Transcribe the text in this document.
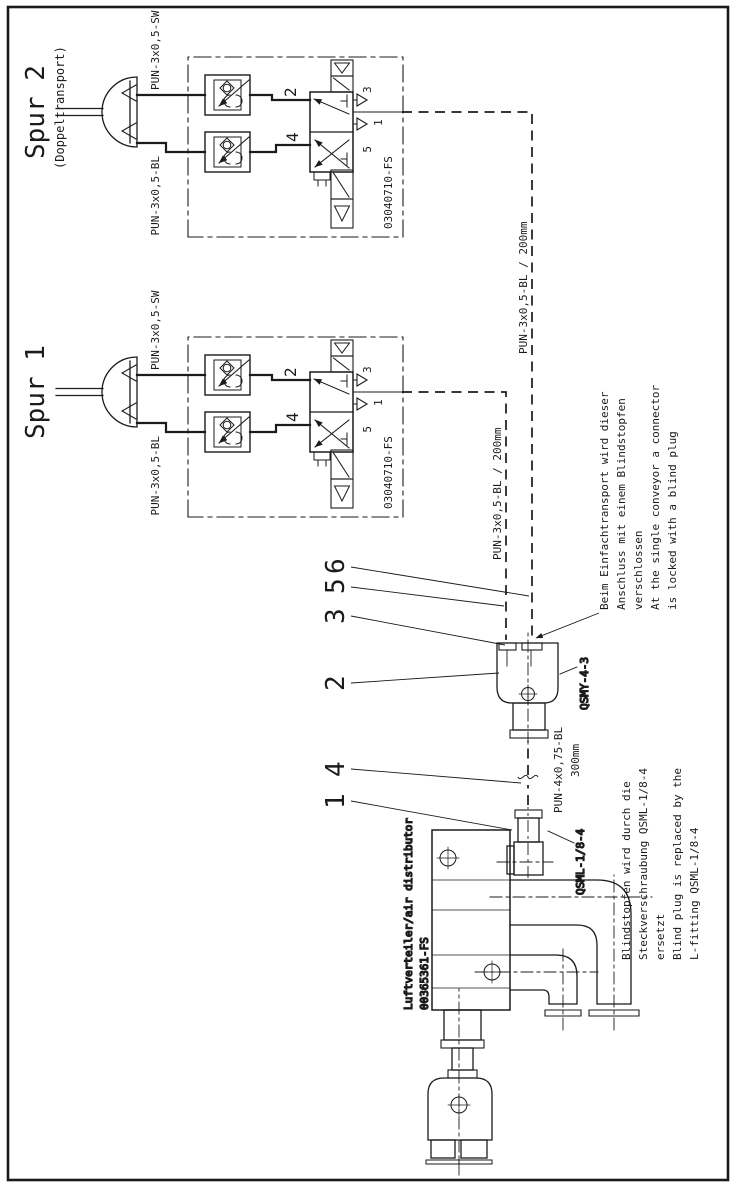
Spur 2 (Doppeltransport)	PUN-3x0,5-SW
PUN-3x0,5-BL
2
4
3
1
5
03040710-FS
Spur 1
PUN-3x0,5-SW
PUN-3x0,5-BL
2
4
3
1
5
03040710-FS	PUN-3x0,5-BL / 200mm
PUN-3x0,5-BL / 200mm
1
4
2
3
5
6
QSMY-4-3
PUN-4x0,75-BL 300mm
QSML-1/8-4
Luftverteiler/air distributor 00365361-FS
Beim Einfachtransport wird dieser Anschluss mit einem Blindstopfen verschlossen At the single conveyor a connector is locked with a blind plug
Blindstopfen wird durch die Steckverschraubung QSML-1/8-4 ersetzt Blind plug is replaced by the L-fitting QSML-1/8-4
